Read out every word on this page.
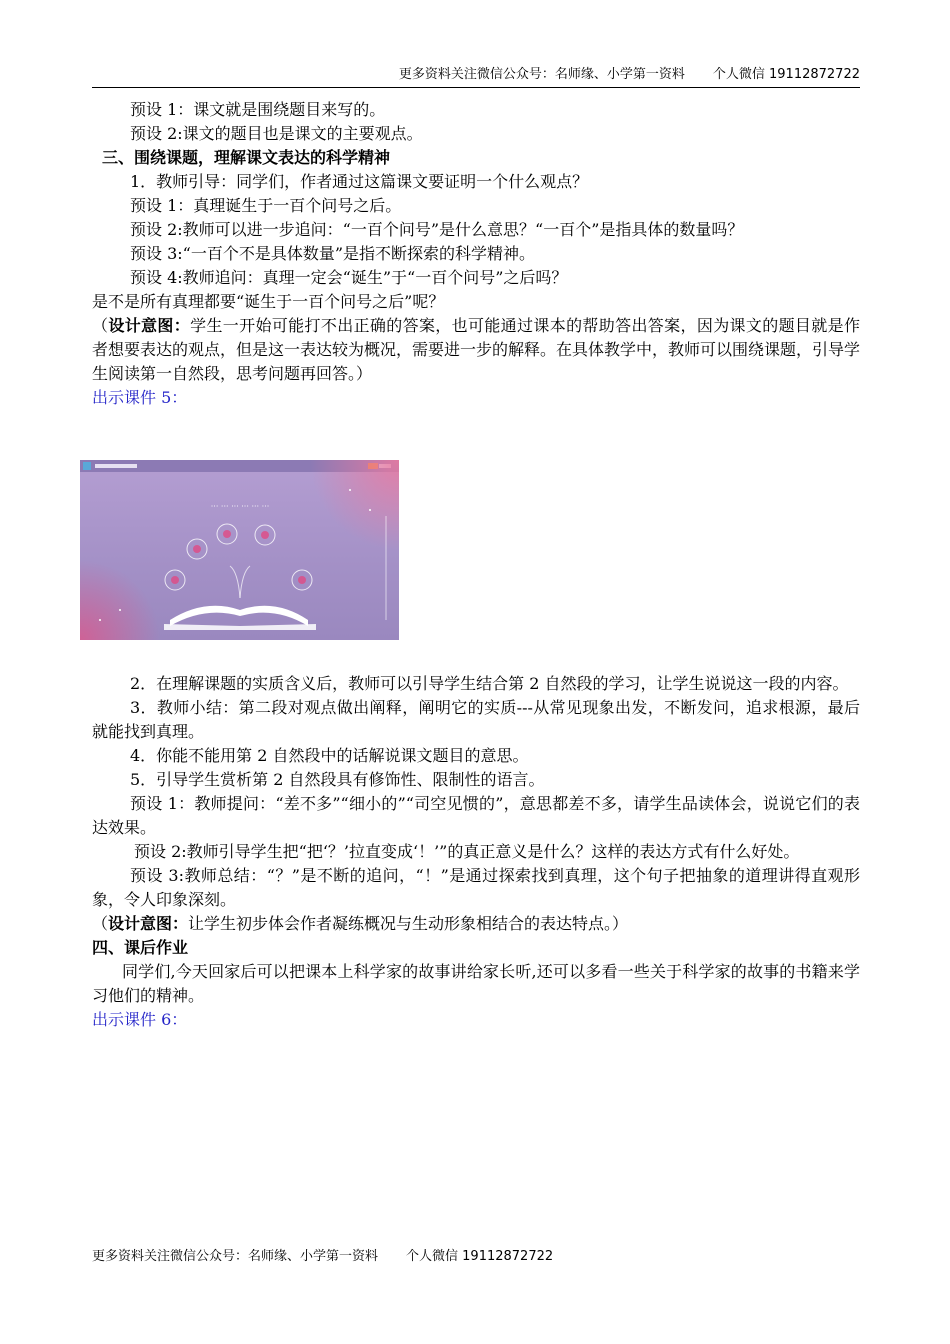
更多资料关注微信公众号：名师缘、小学第一资料 个人微信 19112872722

预设 1：课文就是围绕题目来写的。

预设 2:课文的题目也是课文的主要观点。

三、围绕课题，理解课文表达的科学精神

1．教师引导：同学们，作者通过这篇课文要证明一个什么观点？

预设 1：真理诞生于一百个问号之后。

预设 2:教师可以进一步追问：“一百个问号”是什么意思？“一百个”是指具体的数量吗？

预设 3:“一百个不是具体数量”是指不断探索的科学精神。

预设 4:教师追问：真理一定会“诞生”于“一百个问号”之后吗？

是不是所有真理都要“诞生于一百个问号之后”呢？

（设计意图：学生一开始可能打不出正确的答案，也可能通过课本的帮助答出答案，因为课文的题目就是作者想要表达的观点，但是这一表达较为概况，需要进一步的解释。在具体教学中，教师可以围绕课题，引导学生阅读第一自然段，思考问题再回答。）

出示课件 5：

··· ··· ··· ··· ··· ···

2．在理解课题的实质含义后，教师可以引导学生结合第 2 自然段的学习，让学生说说这一段的内容。

3．教师小结：第二段对观点做出阐释，阐明它的实质---从常见现象出发，不断发问，追求根源，最后就能找到真理。

4．你能不能用第 2 自然段中的话解说课文题目的意思。

5．引导学生赏析第 2 自然段具有修饰性、限制性的语言。

预设 1：教师提问：“差不多”“细小的”“司空见惯的”，意思都差不多，请学生品读体会，说说它们的表达效果。

预设 2:教师引导学生把“把‘？’拉直变成‘！’”的真正意义是什么？这样的表达方式有什么好处。

预设 3:教师总结：“？”是不断的追问，“！”是通过探索找到真理，这个句子把抽象的道理讲得直观形象，令人印象深刻。

（设计意图：让学生初步体会作者凝练概况与生动形象相结合的表达特点。）

四、课后作业

同学们,今天回家后可以把课本上科学家的故事讲给家长听,还可以多看一些关于科学家的故事的书籍来学习他们的精神。

出示课件 6：

更多资料关注微信公众号：名师缘、小学第一资料 个人微信 19112872722
